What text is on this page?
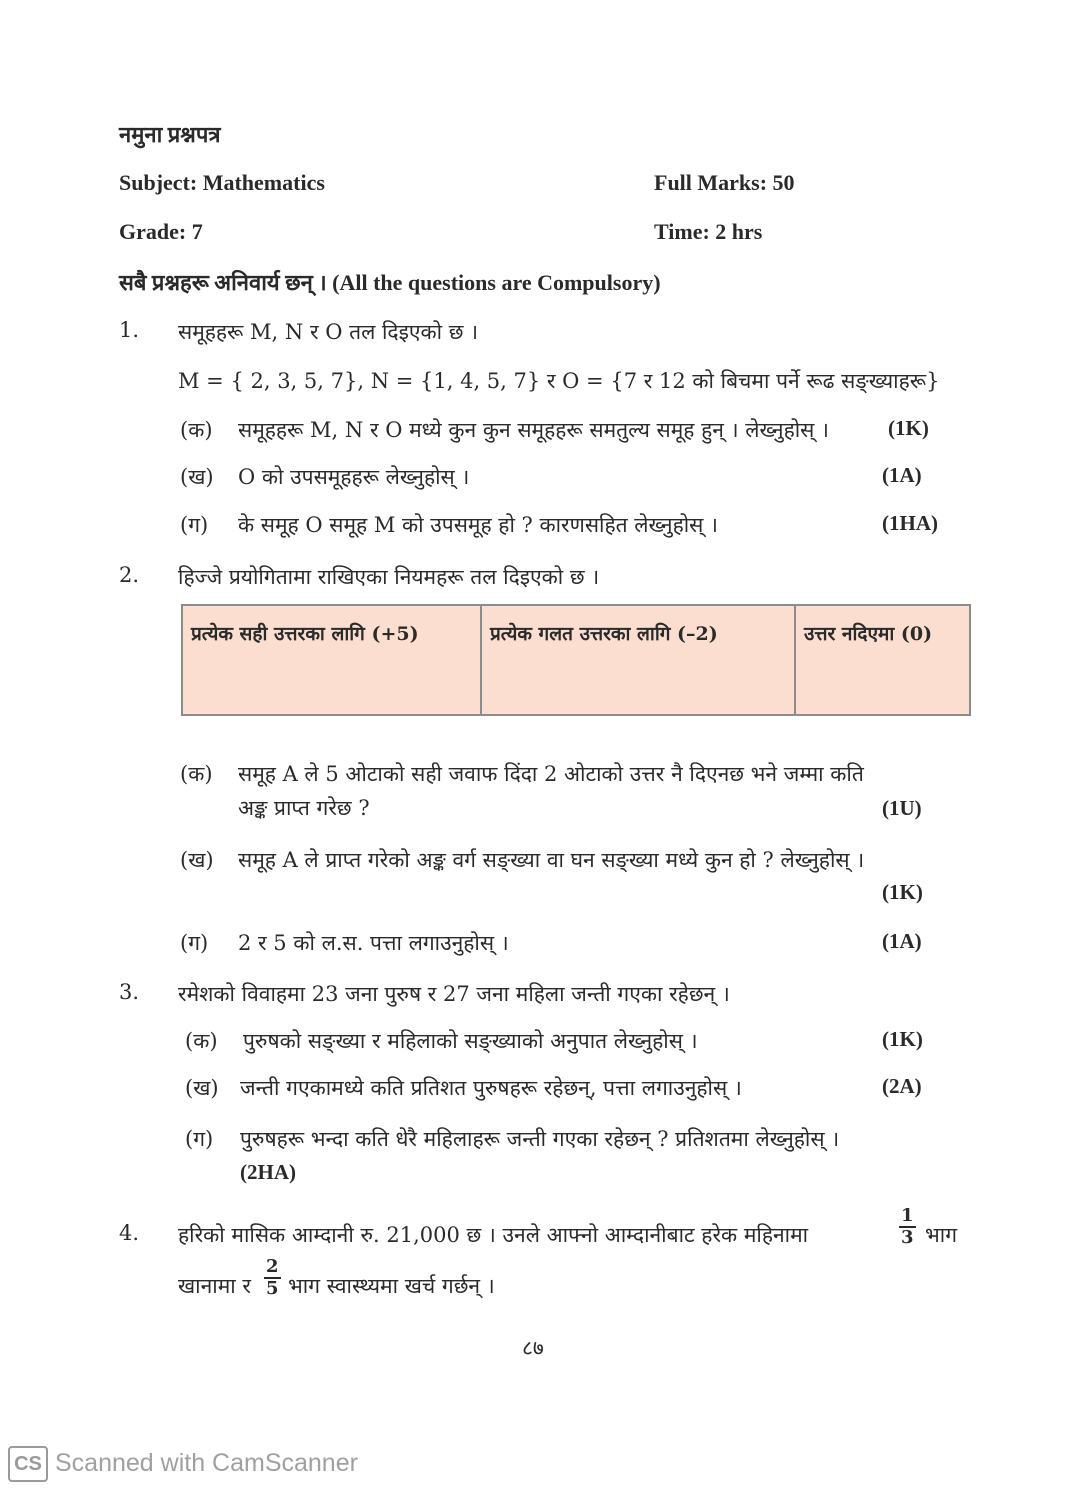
नमुना प्रश्नपत्र
Subject: Mathematics	Full Marks: 50
Grade: 7	Time: 2 hrs
सबै प्रश्नहरू अनिवार्य छन् । (All the questions are Compulsory)
1. समूहहरू M, N र O तल दिइएको छ ।
M = { 2, 3, 5, 7}, N = {1, 4, 5, 7} र O = {7 र 12 को बिचमा पर्ने रूढ सङ्ख्याहरू}
(क) समूहहरू M, N र O मध्ये कुन कुन समूहहरू समतुल्य समूह हुन् । लेख्नुहोस् ।	(1K)
(ख) O को उपसमूहहरू लेख्नुहोस् ।	(1A)
(ग) के समूह O समूह M को उपसमूह हो ? कारणसहित लेख्नुहोस् ।	(1HA)
2. हिज्जे प्रयोगितामा राखिएका नियमहरू तल दिइएको छ ।
प्रत्येक सही उत्तरका लागि (+5)	प्रत्येक गलत उत्तरका लागि (–2)	उत्तर नदिएमा (0)
(क) समूह A ले 5 ओटाको सही जवाफ दिंदा 2 ओटाको उत्तर नै दिएनछ भने जम्मा कति
अङ्क प्राप्त गरेछ ?	(1U)
(ख) समूह A ले प्राप्त गरेको अङ्क वर्ग सङ्ख्या वा घन सङ्ख्या मध्ये कुन हो ? लेख्नुहोस् ।
(1K)
(ग) 2 र 5 को ल.स. पत्ता लगाउनुहोस् ।	(1A)
3. रमेशको विवाहमा 23 जना पुरुष र 27 जना महिला जन्ती गएका रहेछन् ।
(क) पुरुषको सङ्ख्या र महिलाको सङ्ख्याको अनुपात लेख्नुहोस् ।	(1K)
(ख) जन्ती गएकामध्ये कति प्रतिशत पुरुषहरू रहेछन्, पत्ता लगाउनुहोस् ।	(2A)
(ग) पुरुषहरू भन्दा कति धेरै महिलाहरू जन्ती गएका रहेछन् ? प्रतिशतमा लेख्नुहोस् ।
(2HA)
4. हरिको मासिक आम्दानी रु. 21,000 छ । उनले आफ्नो आम्दानीबाट हरेक महिनामा	$\frac{1}{3}$ भाग
खानामा र $\frac{2}{5}$ भाग स्वास्थ्यमा खर्च गर्छन् ।
८७
CS Scanned with CamScanner
